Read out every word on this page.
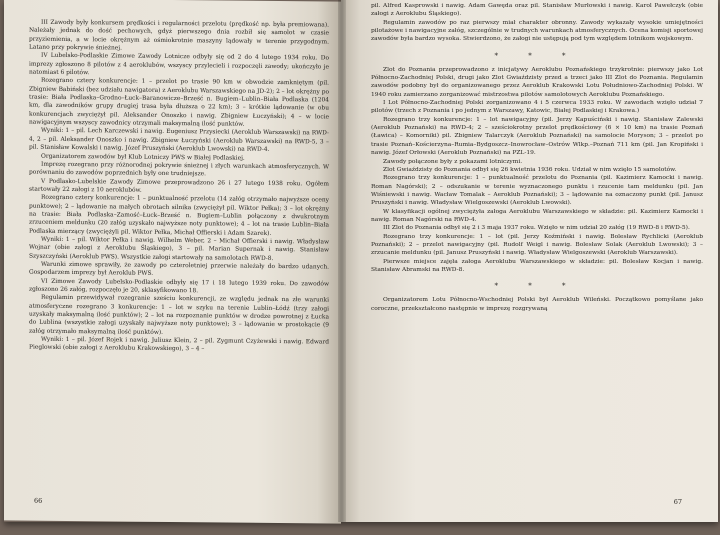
III Zawody były konkursem prędkości i regularności przelotu (prędkość np. była premiowana). Należały jednak do dość pechowych, gdyż pierwszego dnia rozbił się samolot w czasie przyziemienia, a w locie okrężnym aż ośmiokrotnie maszyny lądowały w terenie przygodnym. Latano przy pokrywie śnieżnej.

IV Lubelsko-Podlaskie Zimowe Zawody Lotnicze odbyły się od 2 do 4 lutego 1934 roku. Do imprezy zgłoszono 8 pilotów z 4 aeroklubów, wszyscy przylecieli i rozpoczęli zawody; ukończyło je natomiast 6 pilotów.

Rozegrano cztery konkurencje: 1 – przelot po trasie 90 km w obwodzie zamkniętym (pil. Zbigniew Babiński (bez udziału nawigatora) z Aeroklubu Warszawskiego na JD-2); 2 – lot okrężny po trasie: Biała Podlaska–Grodno–Łuck–Baranowicze–Brześć n. Bugiem–Lublin–Biała Podlaska (1204 km, dla zawodników grupy drugiej trasa była dłuższa o 22 km); 3 – krótkie lądowanie (w obu konkurencjach zwyciężył pil. Aleksander Onoszko i nawig. Zbigniew Łuczyński); 4 – w locie nawigacyjnym wszyscy zawodnicy otrzymali maksymalną ilość punktów.

Wyniki: 1 – pil. Lech Karczewski i nawig. Eugeniusz Przysiecki (Aeroklub Warszawski) na RWD-4, 2 – pil. Aleksander Onoszko i nawig. Zbigniew Łuczyński (Aeroklub Warszawski) na RWD-5, 3 – pil. Stanisław Kowalski i nawig. Józef Pruszyński (Aeroklub Lwowski) na RWD-4.

Organizatorem zawodów był Klub Lotniczy PWS w Białej Podlaskiej.

Imprezę rozegrano przy różnorodnej pokrywie śnieżnej i złych warunkach atmosferycznych. W porównaniu do zawodów poprzednich były one trudniejsze.

V Podlasko-Lubelskie Zawody Zimowe przeprowadzono 26 i 27 lutego 1938 roku. Ogółem startowały 22 załogi z 10 aeroklubów.

Rozegrano cztery konkurencje: 1 – punktualność przelotu (14 załóg otrzymało najwyższe oceny punktowe); 2 – lądowanie na małych obrotach silnika (zwyciężył pil. Wiktor Pełka); 3 – lot okrężny na trasie: Biała Podlaska–Zamość–Łuck–Brześć n. Bugiem–Lublin połączony z dwukrotnym zrzuceniem meldunku (20 załóg uzyskało najwyższe noty punktowe); 4 – lot na trasie Lublin–Biała Podlaska mierzący (zwyciężyli pil. Wiktor Pełka, Michał Offierski i Adam Szarek).

Wyniki: 1 – pil. Wiktor Pełka i nawig. Wilhelm Weber, 2 – Michał Offierski i nawig. Władysław Wojnar (obie załogi z Aeroklubu Śląskiego), 3 – pil. Marian Supernak i nawig. Stanisław Szyszczyński (Aeroklub PWS). Wszystkie załogi startowały na samolotach RWD-8.

Warunki zimowe sprawiły, że zawody po czteroletniej przerwie należały do bardzo udanych. Gospodarzem imprezy był Aeroklub PWS.

VI Zimowe Zawody Lubelsko-Podlaskie odbyły się 17 i 18 lutego 1939 roku. Do zawodów zgłoszono 26 załóg, rozpoczęło je 20, sklasyfikowano 18.

Regulamin przewidywał rozegranie sześciu konkurencji, ze względu jednak na złe warunki atmosferyczne rozegrano 3 konkurencje: 1 – lot w szyku na terenie Lublin–Łódź (trzy załogi uzyskały maksymalną ilość punktów); 2 – lot na rozpoznanie punktów w drodze powrotnej z Łucka do Lublina (wszystkie załogi uzyskały najwyższe noty punktowe); 3 – lądowanie w prostokącie (9 załóg otrzymało maksymalną ilość punktów).

Wyniki: 1 – pil. Józef Rojek i nawig. Juliusz Klein, 2 – pil. Zygmunt Czyżewski i nawig. Edward Pieglowski (obie załogi z Aeroklubu Krakowskiego), 3 – 4 –

66

pil. Alfred Kasprowski i nawig. Adam Gawęda oraz pil. Stanisław Murłowski i nawig. Karol Pawełczyk (obie załogi z Aeroklubu Śląskiego).

Regulamin zawodów po raz pierwszy miał charakter obronny. Zawody wykazały wysokie umiejętności pilotażowe i nawigacyjne załóg, szczególnie w trudnych warunkach atmosferycznych. Ocena komisji sportowej zawodów była bardzo wysoka. Stwierdzono, że załogi nie ustępują pod tym względem lotnikom wojskowym.

* * *

Zlot do Poznania przeprowadzono z inicjatywy Aeroklubu Poznańskiego trzykrotnie: pierwszy jako Lot Północno-Zachodniej Polski, drugi jako Zlot Gwiaździsty przed a trzeci jako III Zlot do Poznania. Regulamin zawodów podobny był do organizowanego przez Aeroklub Krakowski Lotu Południowo-Zachodniej Polski. W 1940 roku zamierzano zorganizować mistrzostwa pilotów samolotowych Aeroklubu Poznańskiego.

I Lot Północno-Zachodniej Polski zorganizowano 4 i 5 czerwca 1933 roku. W zawodach wzięło udział 7 pilotów (trzech z Poznania i po jednym z Warszawy, Katowic, Białej Podlaskiej i Krakowa.)

Rozegrano trzy konkurencje: 1 – lot nawigacyjny (pil. Jerzy Kapuściński i nawig. Stanisław Zalewski (Aeroklub Poznański) na RWD-4; 2 – sześciokrotny przelot prędkościowy (6 × 10 km) na trasie Poznań (Ławica) – Komorniki) pil. Zbigniew Talarczyk (Aeroklub Poznański) na samolocie Moryson; 3 – przelot po trasie Poznań–Kościerzyna–Rumia–Bydgoszcz–Inowrocław–Ostrów Wlkp.–Poznań 711 km (pil. Jan Kropiński i nawig. Józef Orłowski (Aeroklub Poznański) na PZL-19.

Zawody połączone były z pokazami lotniczymi.

Zlot Gwiaździsty do Poznania odbył się 26 kwietnia 1936 roku. Udział w nim wzięło 15 samolotów.

Rozegrano trzy konkurencje: 1 – punktualność przelotu do Poznania (pil. Kazimierz Kamocki i nawig. Roman Nagórski); 2 – odszukanie w terenie wyznaczonego punktu i rzucenie tam meldunku (pil. Jan Wiśniewski i nawig. Wacław Tomalak – Aeroklub Poznański); 3 – lądowanie na oznaczony punkt (pil. Janusz Pruszyński i nawig. Władysław Wielgoszewski (Aeroklub Lwowski).

W klasyfikacji ogólnej zwyciężyła załoga Aeroklubu Warszawskiego w składzie: pil. Kazimierz Kamocki i nawig. Roman Nagórski na RWD-4.

III Zlot do Poznania odbył się 2 i 3 maja 1937 roku. Wzięło w nim udział 20 załóg (19 RWD-8 i RWD-5).

Rozegrano trzy konkurencje: 1 – lot (pil. Jerzy Koźmiński i nawig. Bolesław Rychlicki (Aeroklub Poznański); 2 – przelot nawigacyjny (pil. Rudolf Weigl i nawig. Bolesław Solak (Aeroklub Lwowski); 3 – zrzucanie meldunku (pil. Janusz Pruszyński i nawig. Władysław Wielgoszewski (Aeroklub Warszawski).

Pierwsze miejsce zajęła załoga Aeroklubu Warszawskiego w składzie: pil. Bolesław Kocjan i nawig. Stanisław Abramski na RWD-8.

* * *

Organizatorem Lotu Północno-Wschodniej Polski był Aeroklub Wileński. Początkowo pomyślane jako coroczne, przekształcono następnie w imprezę rozgrywaną

67
